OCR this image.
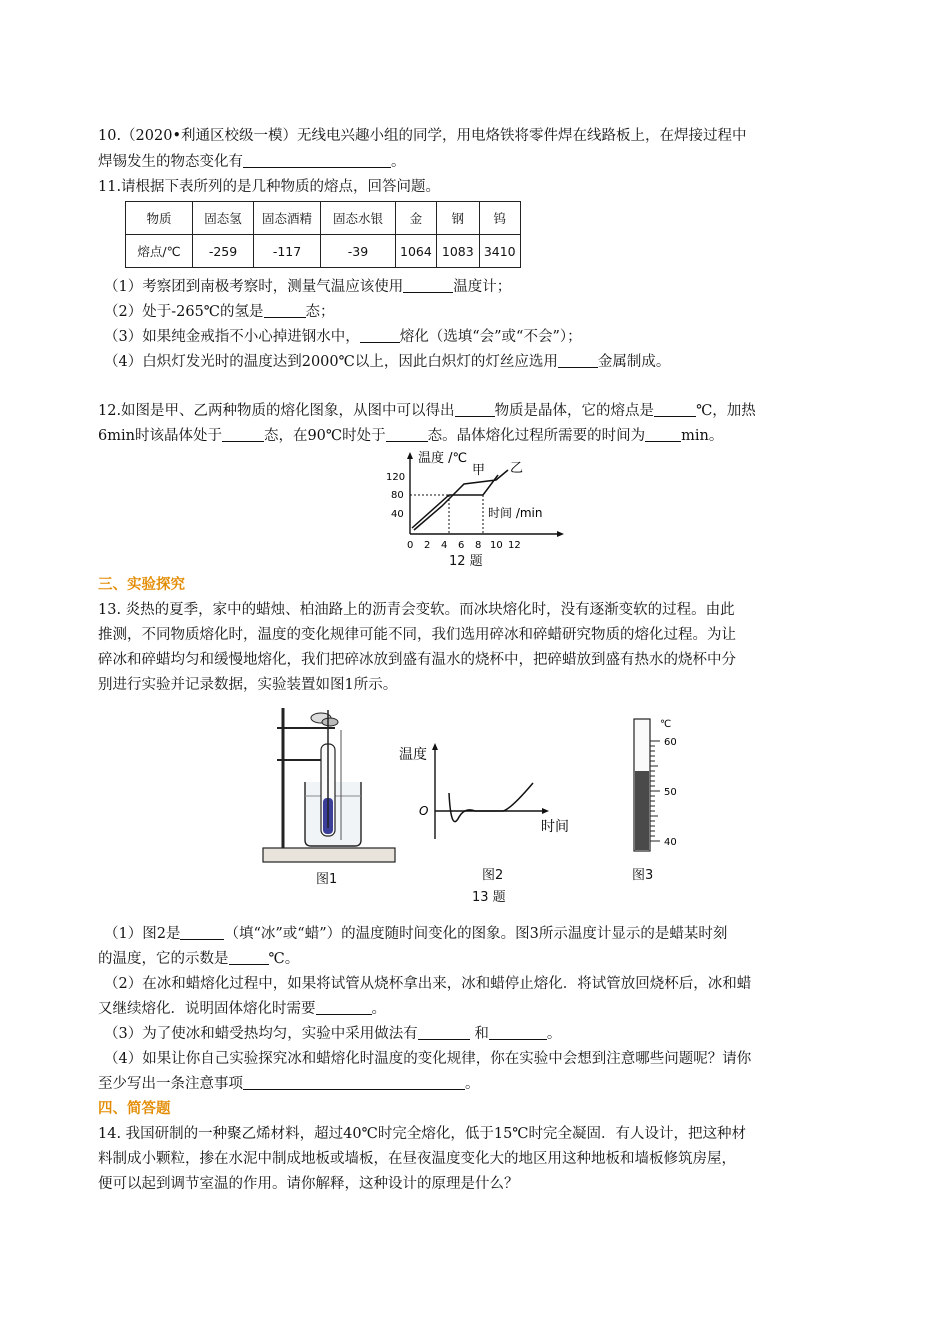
10.（2020•利通区校级一模）无线电兴趣小组的同学，用电烙铁将零件焊在线路板上，在焊接过程中
焊锡发生的物态变化有	。
11.请根据下表所列的是几种物质的熔点，回答问题。
物质	固态氢	固态酒精	固态水银	金	钢	钨
熔点/℃	-259	-117	-39	1064	1083	3410
（1）考察团到南极考察时，测量气温应该使用	温度计；
（2）处于-265℃的氢是	态；
（3）如果纯金戒指不小心掉进钢水中，	熔化（选填“会”或“不会”）；
（4）白炽灯发光时的温度达到2000℃以上，因此白炽灯的灯丝应选用	金属制成。
12.如图是甲、乙两种物质的熔化图象，从图中可以得出	物质是晶体，它的熔点是	℃，加热
6min时该晶体处于	态，在90℃时处于	态。晶体熔化过程所需要的时间为 min。
温度 /℃
120
80
40
甲 乙
时间 /min
0 2 4 6 8 10 12
12 题
三、实验探究
13. 炎热的夏季，家中的蜡烛、柏油路上的沥青会变软。而冰块熔化时，没有逐渐变软的过程。由此
推测，不同物质熔化时，温度的变化规律可能不同，我们选用碎冰和碎蜡研究物质的熔化过程。为让
碎冰和碎蜡均匀和缓慢地熔化，我们把碎冰放到盛有温水的烧杯中，把碎蜡放到盛有热水的烧杯中分
别进行实验并记录数据，实验装置如图1所示。
图1
温度
时间
O
图2
13 题
℃
60
50
40
图3
（1）图2是	（填“冰”或“蜡”）的温度随时间变化的图象。图3所示温度计显示的是蜡某时刻
的温度，它的示数是	℃。
（2）在冰和蜡熔化过程中，如果将试管从烧杯拿出来，冰和蜡停止熔化．将试管放回烧杯后，冰和蜡
又继续熔化．说明固体熔化时需要	。
（3）为了使冰和蜡受热均匀，实验中采用做法有	和	。
（4）如果让你自己实验探究冰和蜡熔化时温度的变化规律，你在实验中会想到注意哪些问题呢？请你
至少写出一条注意事项	。
四、简答题
14. 我国研制的一种聚乙烯材料，超过40℃时完全熔化，低于15℃时完全凝固．有人设计，把这种材
料制成小颗粒，掺在水泥中制成地板或墙板，在昼夜温度变化大的地区用这种地板和墙板修筑房屋，
便可以起到调节室温的作用。请你解释，这种设计的原理是什么？
